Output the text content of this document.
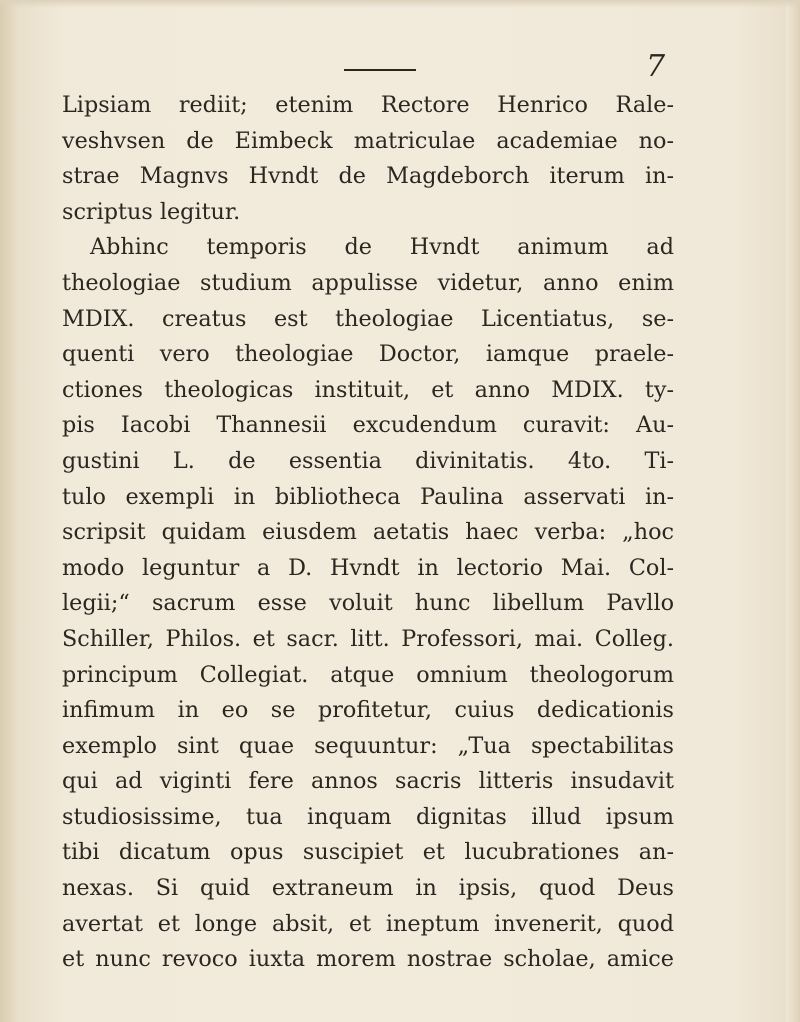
7
Lipsiam rediit; etenim Rectore Henrico Rale-
veshvsen de Eimbeck matriculae academiae no-
strae Magnvs Hvndt de Magdeborch iterum in-
scriptus legitur.
Abhinc temporis de Hvndt animum ad
theologiae studium appulisse videtur, anno enim
MDIX. creatus est theologiae Licentiatus, se-
quenti vero theologiae Doctor, iamque praele-
ctiones theologicas instituit, et anno MDIX. ty-
pis Iacobi Thannesii excudendum curavit: Au-
gustini L. de essentia divinitatis. 4to. Ti-
tulo exempli in bibliotheca Paulina asservati in-
scripsit quidam eiusdem aetatis haec verba: „hoc
modo leguntur a D. Hvndt in lectorio Mai. Col-
legii;“ sacrum esse voluit hunc libellum Pavllo
Schiller, Philos. et sacr. litt. Professori, mai. Colleg.
principum Collegiat. atque omnium theologorum
infimum in eo se profitetur, cuius dedicationis
exemplo sint quae sequuntur: „Tua spectabilitas
qui ad viginti fere annos sacris litteris insudavit
studiosissime, tua inquam dignitas illud ipsum
tibi dicatum opus suscipiet et lucubrationes an-
nexas. Si quid extraneum in ipsis, quod Deus
avertat et longe absit, et ineptum invenerit, quod
et nunc revoco iuxta morem nostrae scholae, amice
